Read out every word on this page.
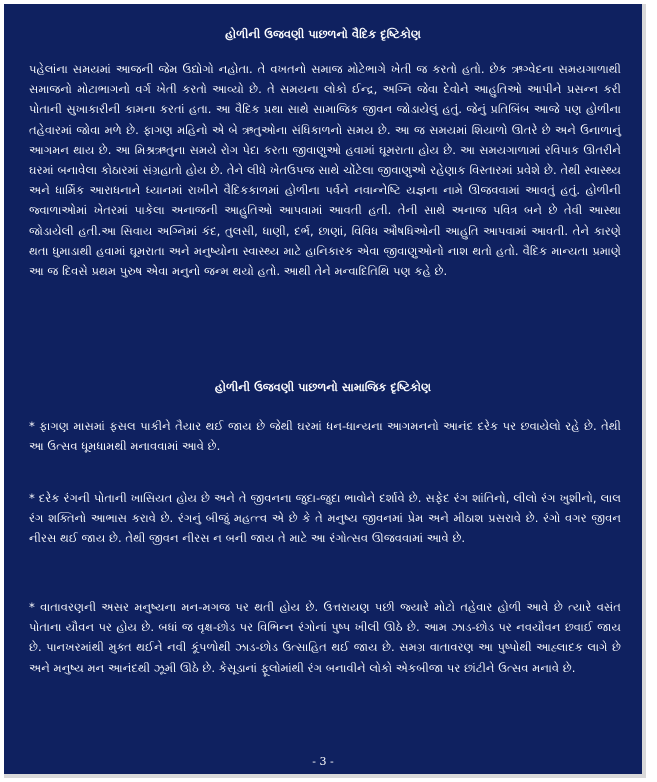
હોળીની ઉજવણી પાછળનો વૈદિક દૃષ્ટિકોણ
પહેલાંના સમયમાં આજની જેમ ઉદ્યોગો નહોતા. તે વખતનો સમાજ મોટેભાગે ખેતી જ કરતો હતો. છેક ઋગ્વેદના સમયગાળાથી સમાજનો મોટાભાગનો વર્ગ ખેતી કરતો આવ્યો છે. તે સમયના લોકો ઈન્દ્ર, અગ્નિ જેવા દેવોને આહુતિઓ આપીને પ્રસન્ન કરી પોતાની સુખાકારીની કામના કરતાં હતા. આ વૈદિક પ્રથા સાથે સામાજિક જીવન જોડાયેલું હતું. જેનું પ્રતિબિંબ આજે પણ હોળીના તહેવારમાં જોવા મળે છે. ફાગણ મહિનો એ બે ઋતુઓના સંધિકાળનો સમય છે. આ જ સમયમાં શિયાળો ઊતરે છે અને ઉનાળાનું આગમન થાય છે. આ મિશ્રઋતુના સમયે રોગ પેદા કરતા જીવાણુઓ હવામાં ઘૂમરાતા હોય છે. આ સમયગાળામાં રવિપાક ઊતરીને ઘરમાં બનાવેલા કોઠારમાં સંગ્રહાતો હોય છે. તેને લીધે ખેતઉપજ સાથે ચોંટેલા જીવાણુઓ રહેણાક વિસ્તારમાં પ્રવેશે છે. તેથી સ્વાસ્થ્ય અને ધાર્મિક આરાધનાને ધ્યાનમાં રાખીને વૈદિકકાળમાં હોળીના પર્વને નવાન્નેષ્ટિ યજ્ઞના નામે ઊજવવામાં આવતું હતું. હોળીની જ્વાળાઓમાં ખેતરમાં પાકેલા અનાજની આહુતિઓ આપવામાં આવતી હતી. તેની સાથે અનાજ પવિત્ર બને છે તેવી આસ્થા જોડાયેલી હતી.આ સિવાય અગ્નિમાં કંદ, તુલસી, ધાણી, દર્ભ, છાણાં, વિવિધ ઔષધિઓની આહુતિ આપવામાં આવતી. તેને કારણે થતા ધુમાડાથી હવામાં ઘૂમરાતા અને મનુષ્યોના સ્વાસ્થ્ય માટે હાનિકારક એવા જીવાણુઓનો નાશ થતો હતો. વૈદિક માન્યતા પ્રમાણે આ જ દિવસે પ્રથમ પુરુષ એવા મનુનો જન્મ થયો હતો. આથી તેને મન્વાદિતિથિ પણ કહે છે.
હોળીની ઉજવણી પાછળનો સામાજિક દૃષ્ટિકોણ
* ફાગણ માસમાં ફસલ પાકીને તૈયાર થઈ જાય છે જેથી ઘરમાં ધન-ધાન્યના આગમનનો આનંદ દરેક પર છવાયેલો રહે છે. તેથી આ ઉત્સવ ધૂમધામથી મનાવવામાં આવે છે.
* દરેક રંગની પોતાની ખાસિયત હોય છે અને તે જીવનના જુદા-જુદા ભાવોને દર્શાવે છે. સફેદ રંગ શાંતિનો, લીલો રંગ ખુશીનો, લાલ રંગ શક્તિનો આભાસ કરાવે છે. રંગનું બીજું મહત્ત્વ એ છે કે તે મનુષ્ય જીવનમાં પ્રેમ અને મીઠાશ પ્રસરાવે છે. રંગો વગર જીવન નીરસ થઈ જાય છે. તેથી જીવન નીરસ ન બની જાય તે માટે આ રંગોત્સવ ઊજવવામાં આવે છે.
* વાતાવરણની અસર મનુષ્યના મન-મગજ પર થતી હોય છે. ઉત્તરાયણ પછી જ્યારે મોટો તહેવાર હોળી આવે છે ત્યારે વસંત પોતાના યૌવન પર હોય છે. બધાં જ વૃક્ષ-છોડ પર વિભિન્ન રંગોનાં પુષ્પ ખીલી ઊઠે છે. આમ ઝાડ-છોડ પર નવયૌવન છવાઈ જાય છે. પાનખરમાંથી મુક્ત થઈને નવી કૂંપળોથી ઝાડ-છોડ ઉત્સાહિત થઈ જાય છે. સમગ્ર વાતાવરણ આ પુષ્પોથી આહ્લાદક લાગે છે અને મનુષ્ય મન આનંદથી ઝૂમી ઊઠે છે. કેસૂડાનાં ફૂલોમાંથી રંગ બનાવીને લોકો એકબીજા પર છાંટીને ઉત્સવ મનાવે છે.
- 3 -
